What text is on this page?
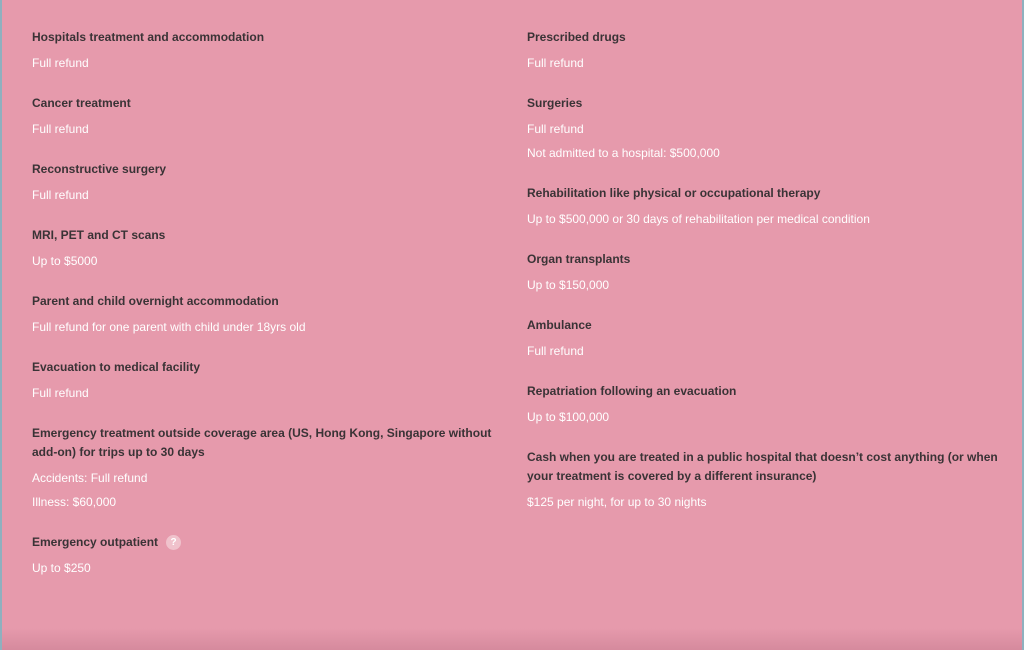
Hospitals treatment and accommodation
Full refund
Cancer treatment
Full refund
Reconstructive surgery
Full refund
MRI, PET and CT scans
Up to $5000
Parent and child overnight accommodation
Full refund for one parent with child under 18yrs old
Evacuation to medical facility
Full refund
Emergency treatment outside coverage area (US, Hong Kong, Singapore without add-on) for trips up to 30 days
Accidents: Full refund
Illness: $60,000
Emergency outpatient	?
Up to $250
Prescribed drugs
Full refund
Surgeries
Full refund
Not admitted to a hospital: $500,000
Rehabilitation like physical or occupational therapy
Up to $500,000 or 30 days of rehabilitation per medical condition
Organ transplants
Up to $150,000
Ambulance
Full refund
Repatriation following an evacuation
Up to $100,000
Cash when you are treated in a public hospital that doesn’t cost anything (or when your treatment is covered by a different insurance)
$125 per night, for up to 30 nights
